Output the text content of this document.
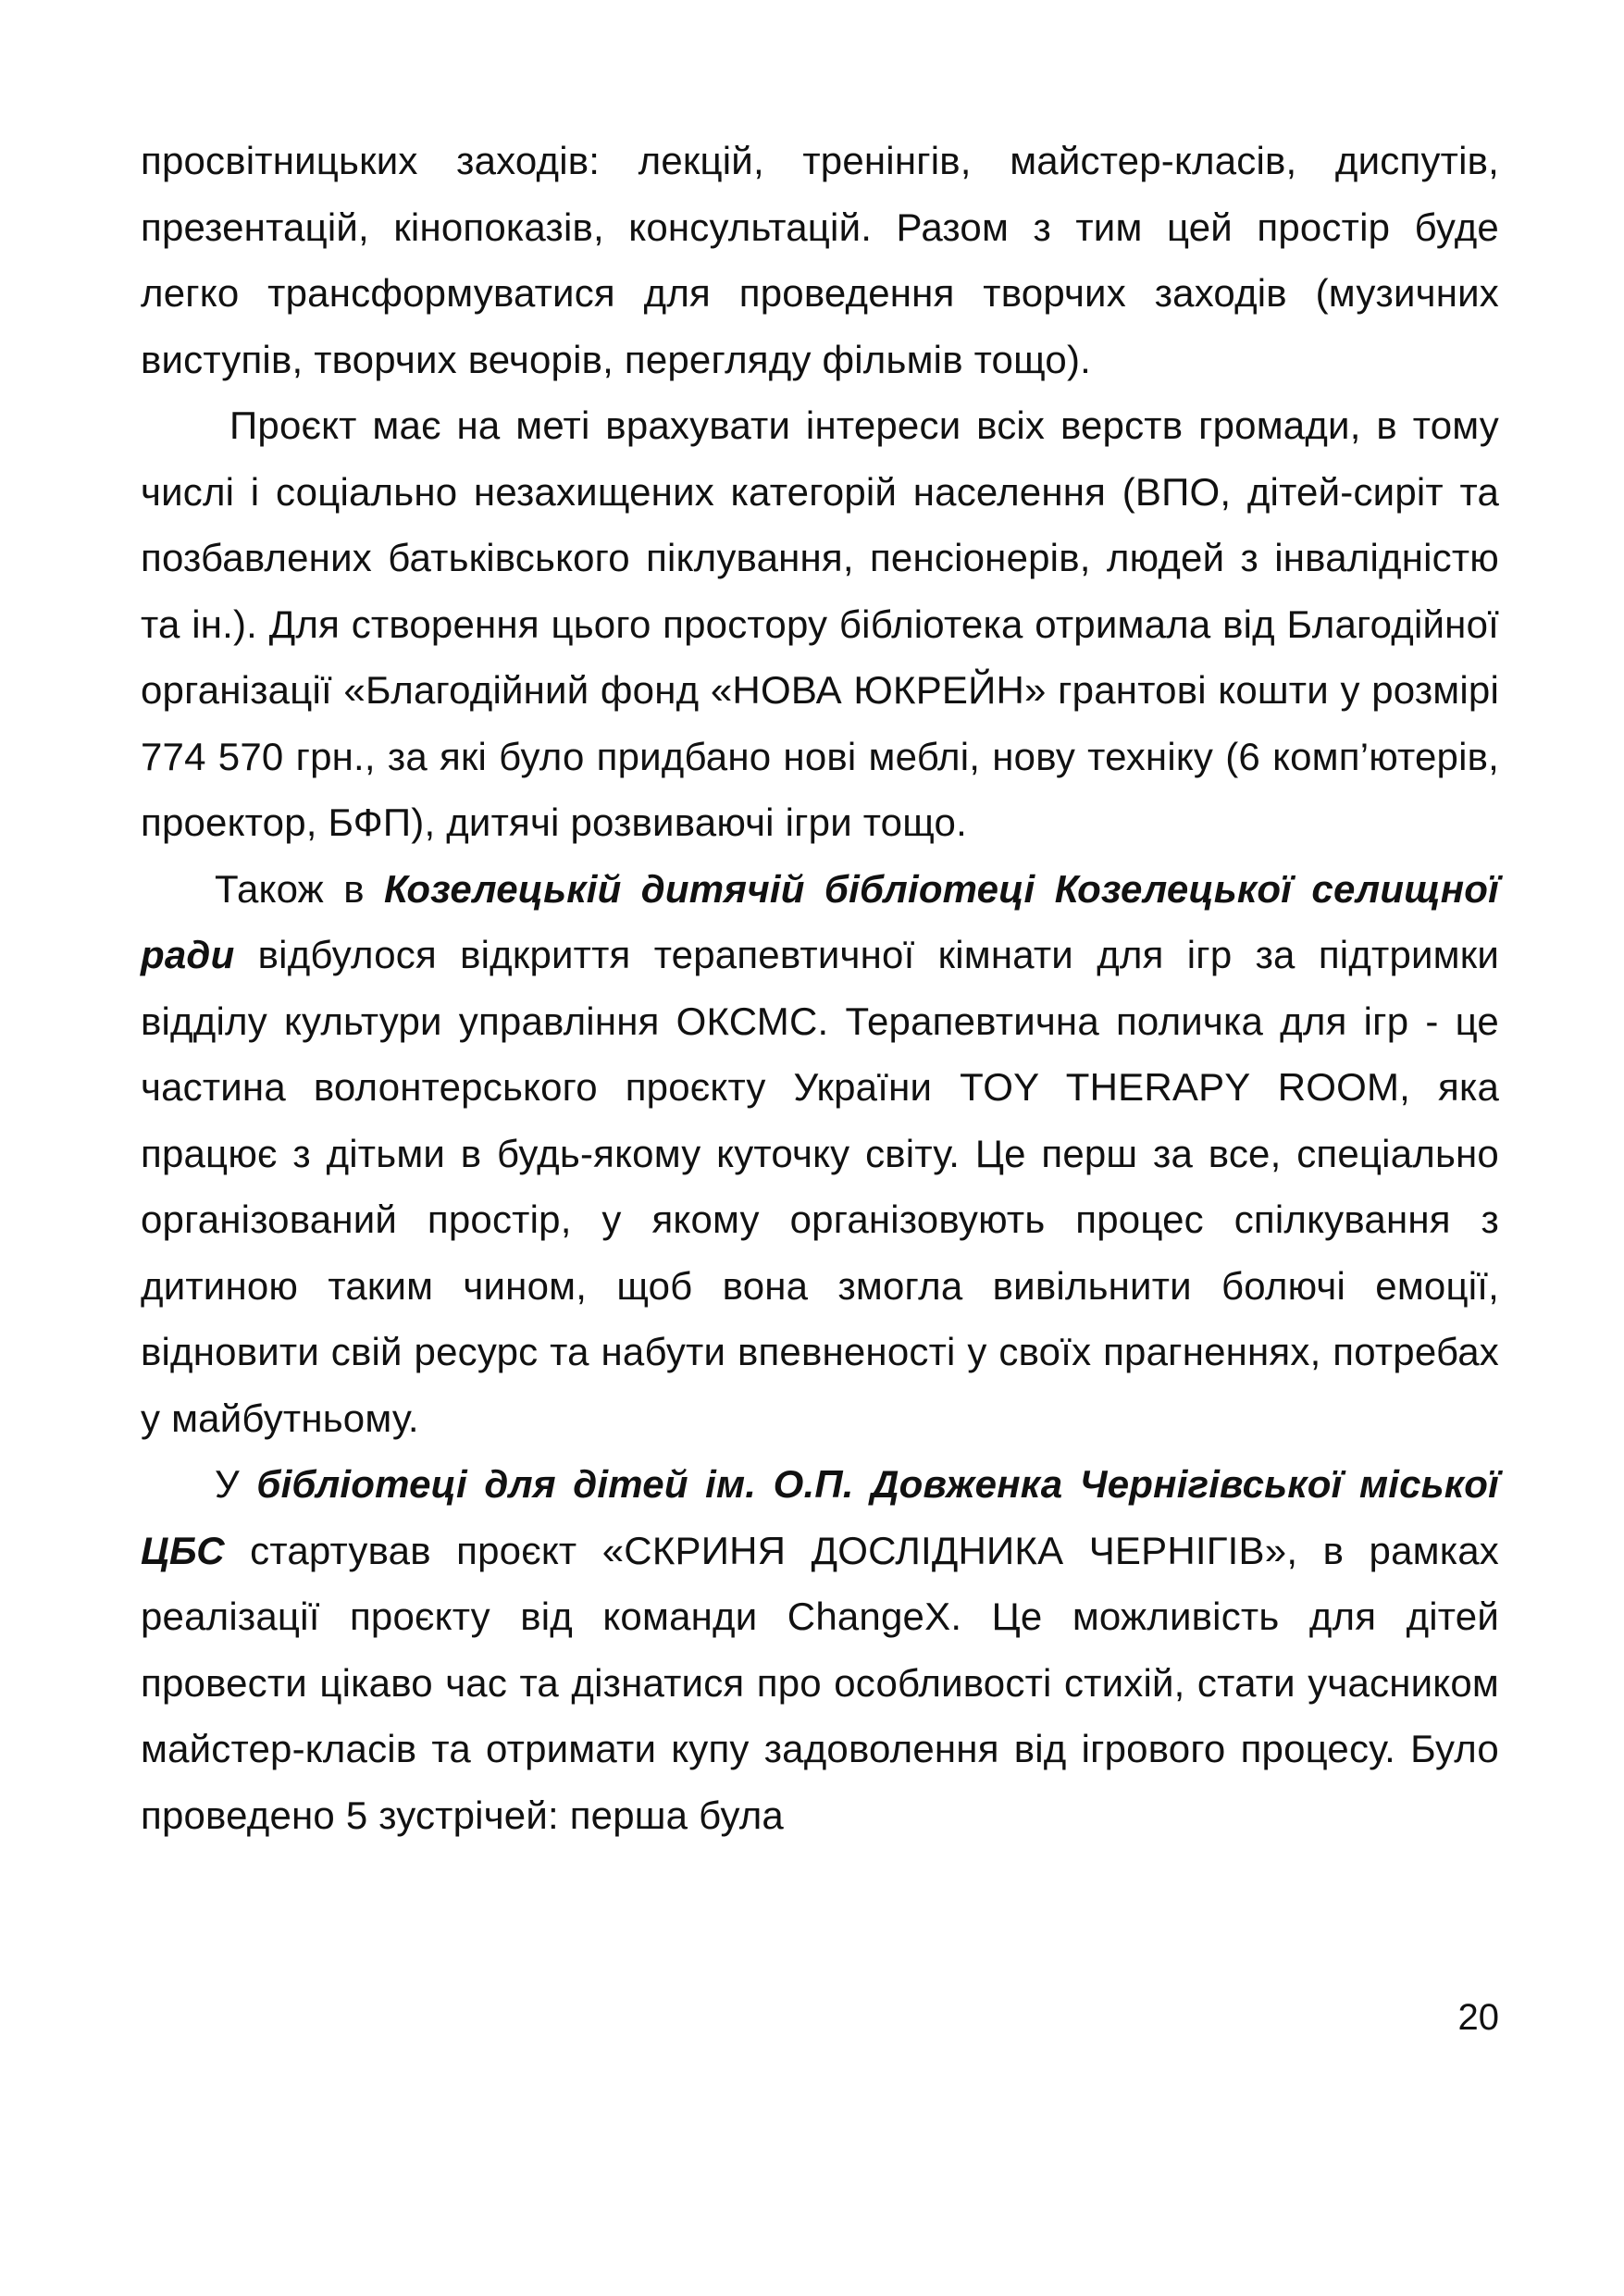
просвітницьких заходів: лекцій, тренінгів, майстер-класів, диспутів, презентацій, кінопоказів, консультацій. Разом з тим цей простір буде легко трансформуватися для проведення творчих заходів (музичних виступів, творчих вечорів, перегляду фільмів тощо).

Проєкт має на меті врахувати інтереси всіх верств громади, в тому числі і соціально незахищених категорій населення (ВПО, дітей-сиріт та позбавлених батьківського піклування, пенсіонерів, людей з інвалідністю та ін.). Для створення цього простору бібліотека отримала від Благодійної організації «Благодійний фонд «НОВА ЮКРЕЙН» грантові кошти у розмірі 774 570 грн., за які було придбано нові меблі, нову техніку (6 комп’ютерів, проектор, БФП), дитячі розвиваючі ігри тощо.

Також в Козелецькій дитячій бібліотеці Козелецької селищної ради відбулося відкриття терапевтичної кімнати для ігр за підтримки відділу культури управління ОКСМС. Терапевтична поличка для ігр - це частина волонтерського проєкту України TOY THERAPY ROOM, яка працює з дітьми в будь-якому куточку світу. Це перш за все, спеціально організований простір, у якому організовують процес спілкування з дитиною таким чином, щоб вона змогла вивільнити болючі емоції, відновити свій ресурс та набути впевненості у своїх прагненнях, потребах у майбутньому.

У бібліотеці для дітей ім. О.П. Довженка Чернігівської міської ЦБС стартував проєкт «СКРИНЯ ДОСЛІДНИКА ЧЕРНІГІВ», в рамках реалізації проєкту від команди ChangeX. Це можливість для дітей провести цікаво час та дізнатися про особливості стихій, стати учасником майстер-класів та отримати купу задоволення від ігрового процесу. Було проведено 5 зустрічей: перша була

20
